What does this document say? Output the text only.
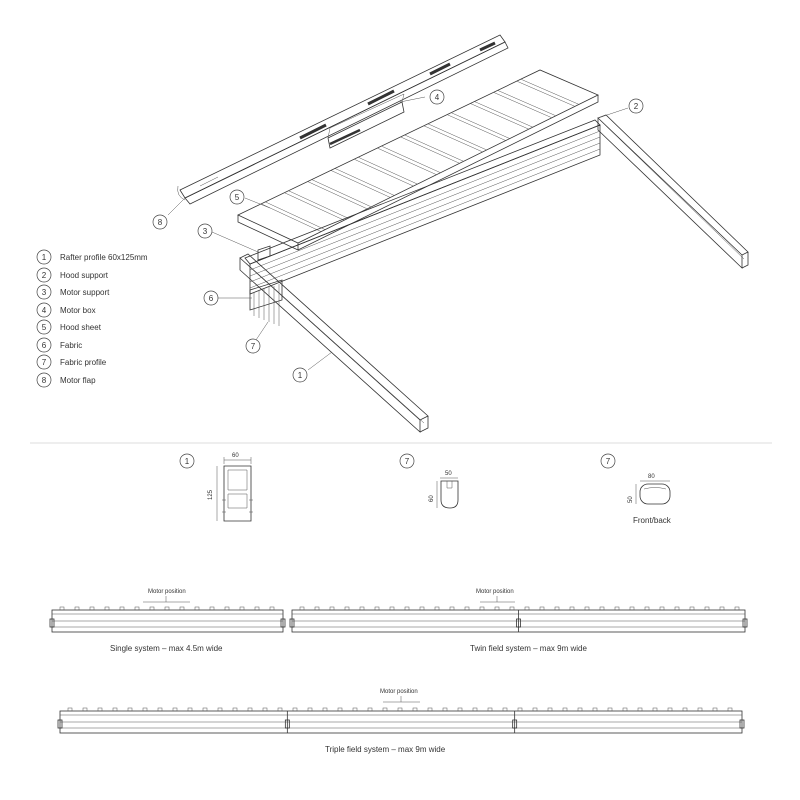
8
4
2
5
3
6
7
1
1 Rafter profile 60x125mm
2 Hood support
3 Motor support
4 Motor box
5 Hood sheet
6 Fabric
7 Fabric profile
8 Motor flap
1
60
125
7
50
60
7
80
50
Front/back
Motor position
Single system – max 4.5m wide
Motor position
Twin field system – max 9m wide
Motor position
Triple field system – max 9m wide
